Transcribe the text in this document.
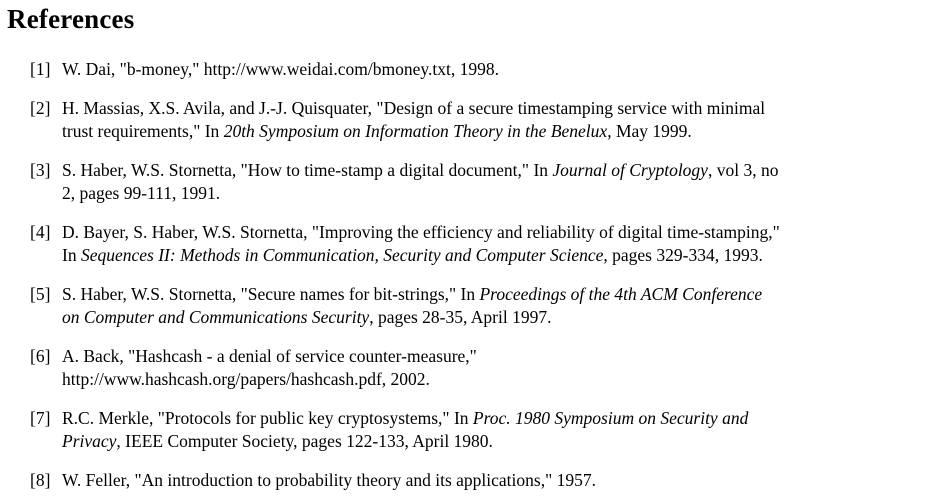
References
[1] W. Dai, "b-money," http://www.weidai.com/bmoney.txt, 1998.
[2] H. Massias, X.S. Avila, and J.-J. Quisquater, "Design of a secure timestamping service with minimal
trust requirements," In 20th Symposium on Information Theory in the Benelux, May 1999.
[3] S. Haber, W.S. Stornetta, "How to time-stamp a digital document," In Journal of Cryptology, vol 3, no
2, pages 99-111, 1991.
[4] D. Bayer, S. Haber, W.S. Stornetta, "Improving the efficiency and reliability of digital time-stamping,"
In Sequences II: Methods in Communication, Security and Computer Science, pages 329-334, 1993.
[5] S. Haber, W.S. Stornetta, "Secure names for bit-strings," In Proceedings of the 4th ACM Conference
on Computer and Communications Security, pages 28-35, April 1997.
[6] A. Back, "Hashcash - a denial of service counter-measure,"
http://www.hashcash.org/papers/hashcash.pdf, 2002.
[7] R.C. Merkle, "Protocols for public key cryptosystems," In Proc. 1980 Symposium on Security and
Privacy, IEEE Computer Society, pages 122-133, April 1980.
[8] W. Feller, "An introduction to probability theory and its applications," 1957.
